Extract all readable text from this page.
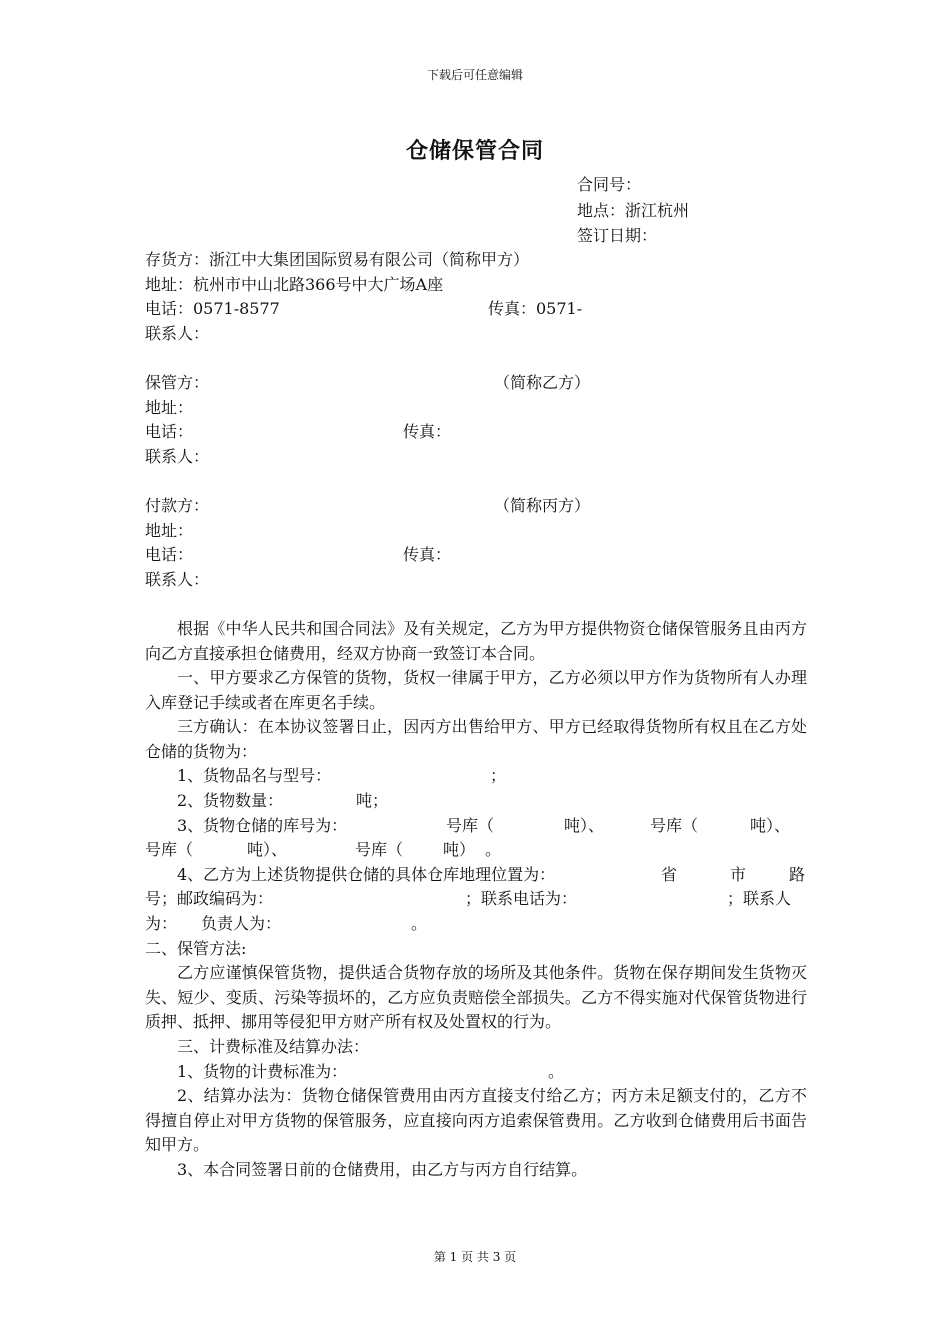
下载后可任意编辑
仓储保管合同
合同号：
地点：浙江杭州
签订日期：
存货方：浙江中大集团国际贸易有限公司（简称甲方）
地址：杭州市中山北路366号中大广场A座
电话：0571-8577	传真：0571-
联系人：
保管方：	（简称乙方）
地址：
电话：	传真：
联系人：
付款方：	（简称丙方）
地址：
电话：	传真：
联系人：
根据《中华人民共和国合同法》及有关规定，乙方为甲方提供物资仓储保管服务且由丙方向乙方直接承担仓储费用，经双方协商一致签订本合同。
一、甲方要求乙方保管的货物，货权一律属于甲方，乙方必须以甲方作为货物所有人办理入库登记手续或者在库更名手续。
三方确认：在本协议签署日止，因丙方出售给甲方、甲方已经取得货物所有权且在乙方处仓储的货物为：
1、货物品名与型号：	；
2、货物数量：	吨；
3、货物仓储的库号为：	号库（	吨）、	号库（	吨）、
号库（	吨）、	号库（ 吨） 。
4、乙方为上述货物提供仓储的具体仓库地理位置为：	省	市	路
号；邮政编码为：	；联系电话为：	；联系人
为： 负责人为：	。
二、保管方法:
乙方应谨慎保管货物，提供适合货物存放的场所及其他条件。货物在保存期间发生货物灭失、短少、变质、污染等损坏的，乙方应负责赔偿全部损失。乙方不得实施对代保管货物进行质押、抵押、挪用等侵犯甲方财产所有权及处置权的行为。
三、计费标准及结算办法：
1、货物的计费标准为：	。
2、结算办法为：货物仓储保管费用由丙方直接支付给乙方；丙方未足额支付的，乙方不得擅自停止对甲方货物的保管服务，应直接向丙方追索保管费用。乙方收到仓储费用后书面告知甲方。
3、本合同签署日前的仓储费用，由乙方与丙方自行结算。
第 1 页 共 3 页
